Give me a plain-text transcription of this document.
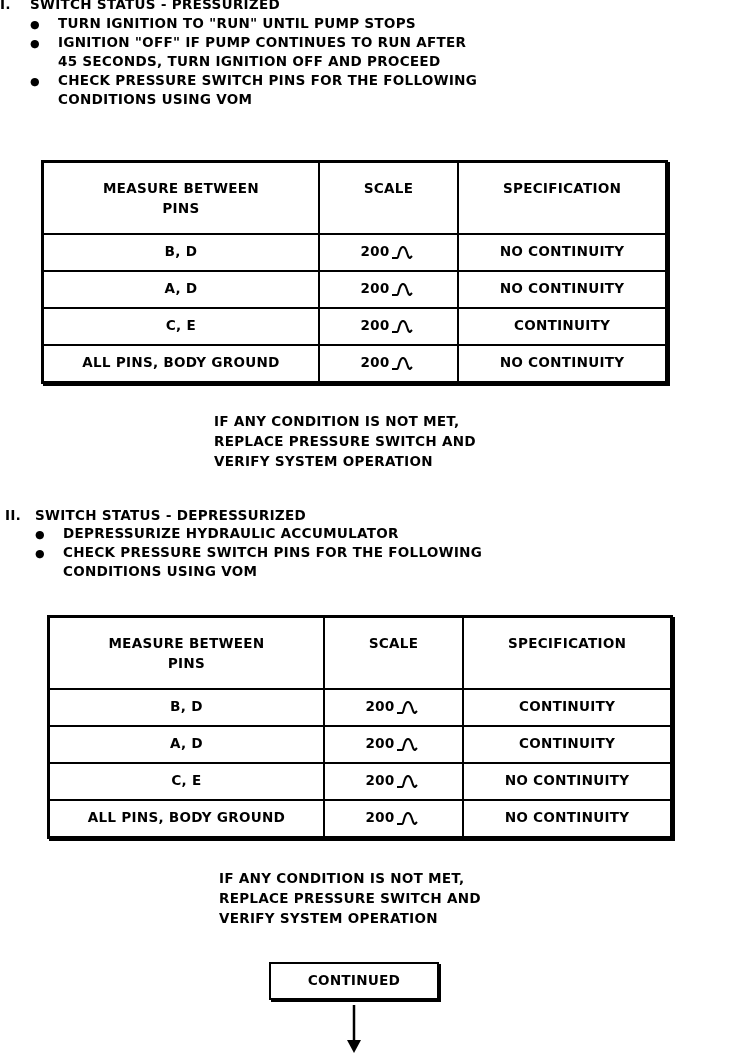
I. SWITCH STATUS - PRESSURIZED
● TURN IGNITION TO "RUN" UNTIL PUMP STOPS
● IGNITION "OFF" IF PUMP CONTINUES TO RUN AFTER
45 SECONDS, TURN IGNITION OFF AND PROCEED
● CHECK PRESSURE SWITCH PINS FOR THE FOLLOWING
CONDITIONS USING VOM
MEASURE BETWEEN
PINS	SCALE	SPECIFICATION
B, D	200	NO CONTINUITY
A, D	200	NO CONTINUITY
C, E	200	CONTINUITY
ALL PINS, BODY GROUND	200	NO CONTINUITY
IF ANY CONDITION IS NOT MET,
REPLACE PRESSURE SWITCH AND
VERIFY SYSTEM OPERATION
II. SWITCH STATUS - DEPRESSURIZED
● DEPRESSURIZE HYDRAULIC ACCUMULATOR
● CHECK PRESSURE SWITCH PINS FOR THE FOLLOWING
CONDITIONS USING VOM
MEASURE BETWEEN
PINS	SCALE	SPECIFICATION
B, D	200	CONTINUITY
A, D	200	CONTINUITY
C, E	200	NO CONTINUITY
ALL PINS, BODY GROUND	200	NO CONTINUITY
IF ANY CONDITION IS NOT MET,
REPLACE PRESSURE SWITCH AND
VERIFY SYSTEM OPERATION
CONTINUED
